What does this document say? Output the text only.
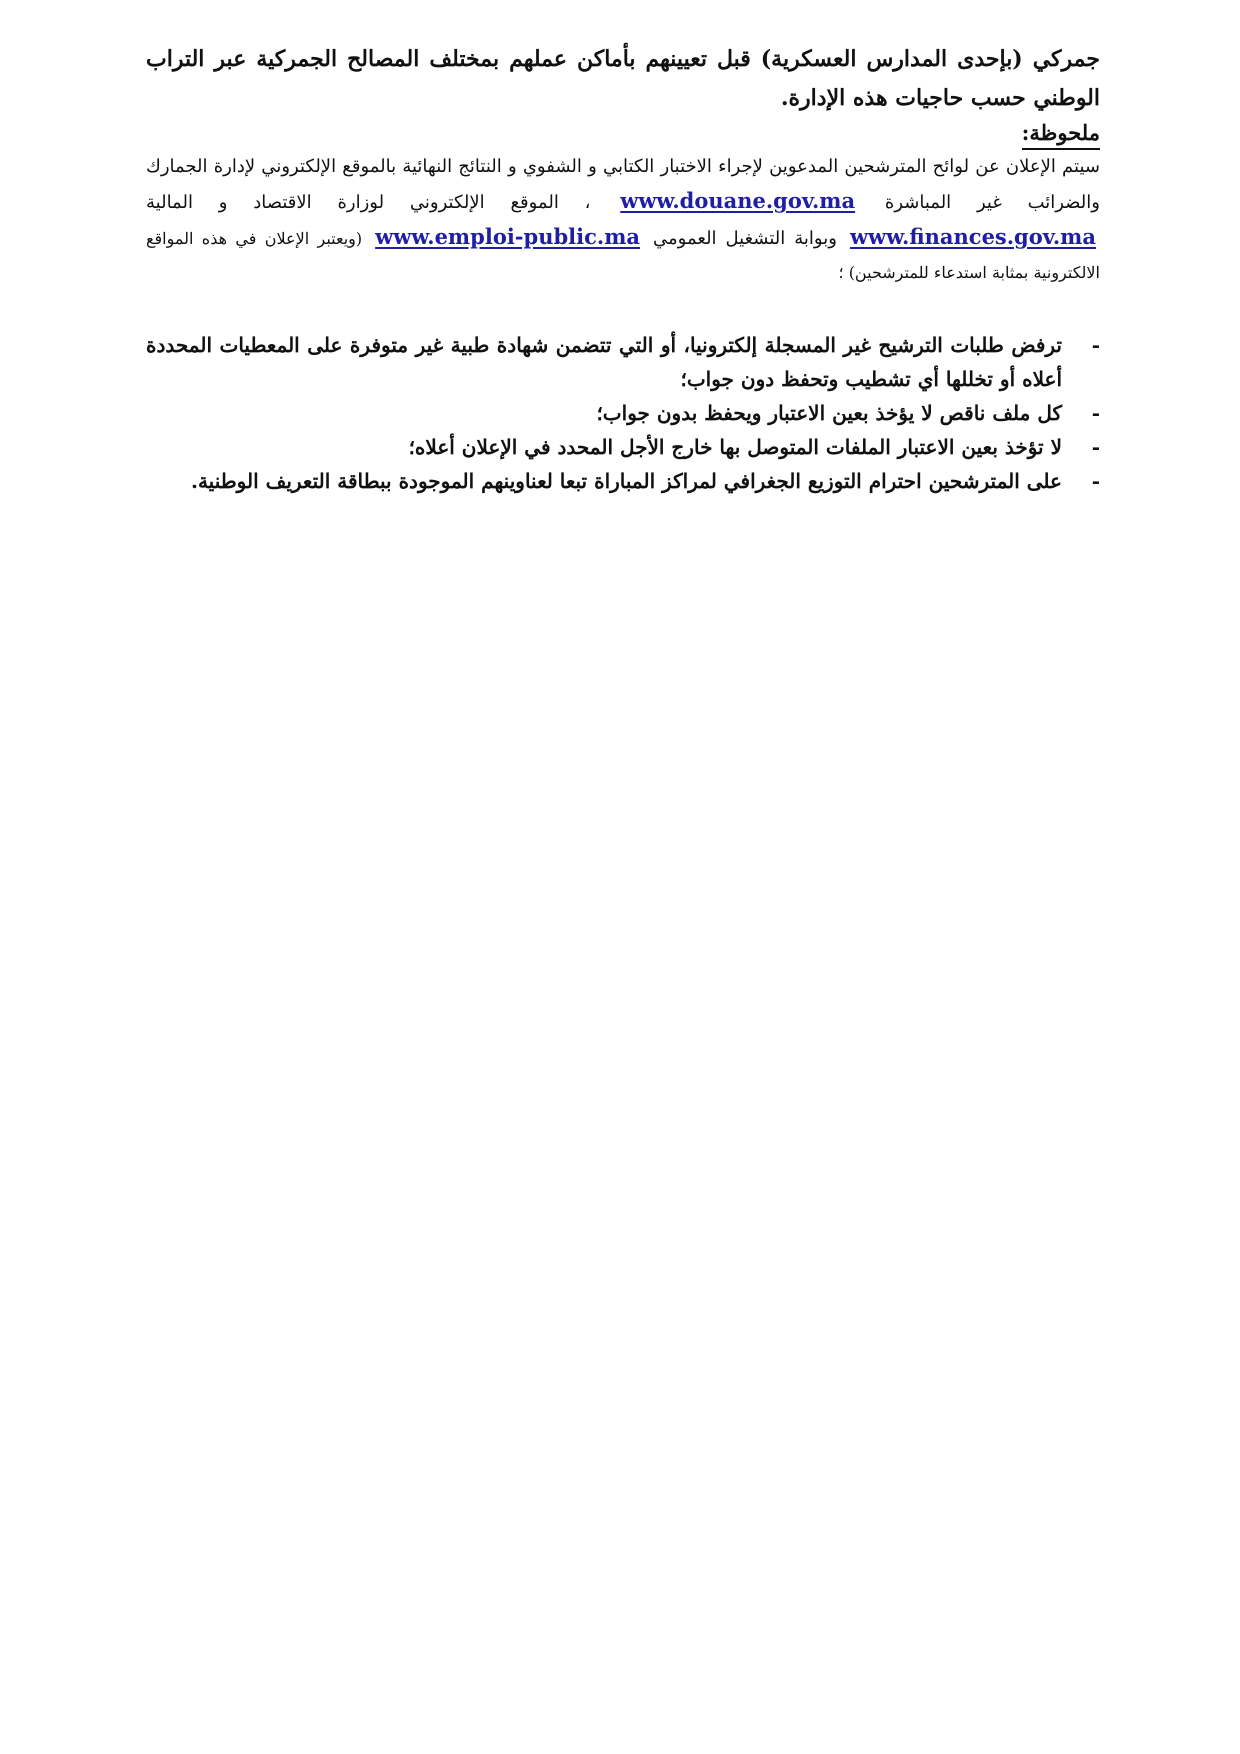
جمركي (بإحدى المدارس العسكرية) قبل تعيينهم بأماكن عملهم بمختلف المصالح الجمركية عبر التراب الوطني حسب حاجيات هذه الإدارة.

ملحوظة:

سيتم الإعلان عن لوائح المترشحين المدعوين لإجراء الاختبار الكتابي و الشفوي و النتائج النهائية بالموقع الإلكتروني لإدارة الجمارك والضرائب غير المباشرة www.douane.gov.ma ، الموقع الإلكتروني لوزارة الاقتصاد و المالية www.finances.gov.ma وبوابة التشغيل العمومي www.emploi-public.ma (ويعتبر الإعلان في هذه المواقع الالكترونية بمثابة استدعاء للمترشحين) ؛

-
ترفض طلبات الترشيح غير المسجلة إلكترونيا، أو التي تتضمن شهادة طبية غير متوفرة على المعطيات المحددة أعلاه أو تخللها أي تشطيب وتحفظ دون جواب؛
-
كل ملف ناقص لا يؤخذ بعين الاعتبار ويحفظ بدون جواب؛
-
لا تؤخذ بعين الاعتبار الملفات المتوصل بها خارج الأجل المحدد في الإعلان أعلاه؛
-
على المترشحين احترام التوزيع الجغرافي لمراكز المباراة تبعا لعناوينهم الموجودة ببطاقة التعريف الوطنية.
